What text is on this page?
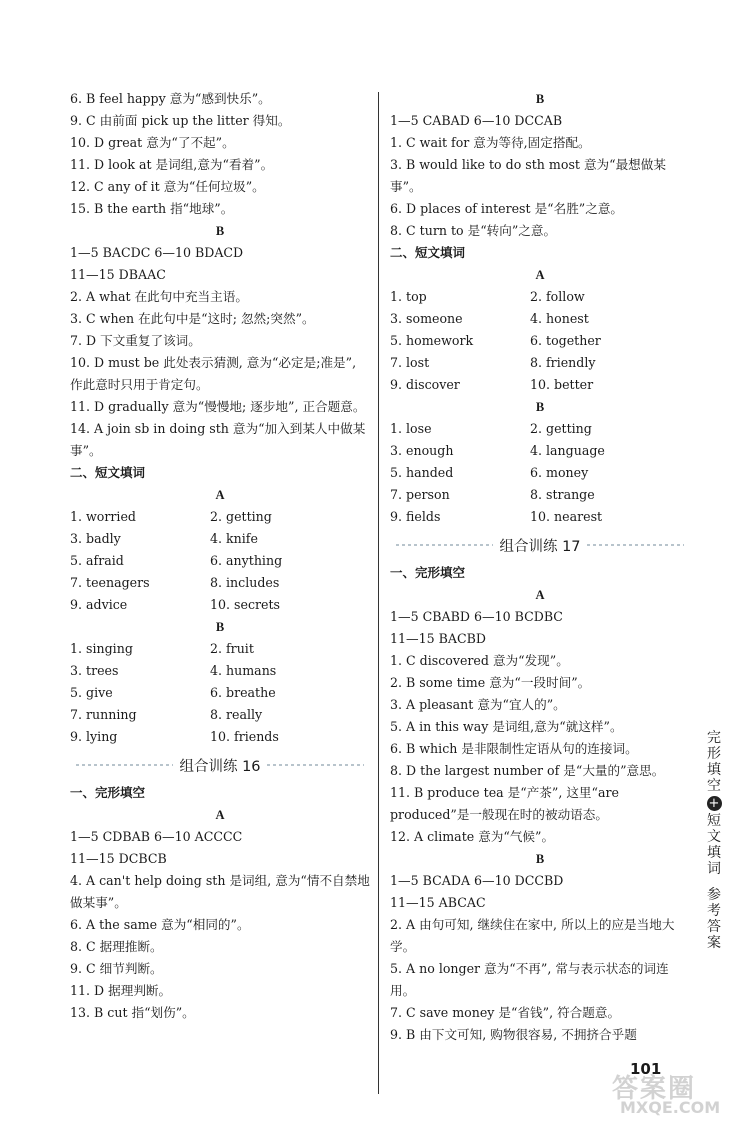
6. B feel happy 意为“感到快乐”。
9. C 由前面 pick up the litter 得知。
10. D great 意为“了不起”。
11. D look at 是词组,意为“看着”。
12. C any of it 意为“任何垃圾”。
15. B the earth 指“地球”。
B
1—5 BACDC 6—10 BDACD
11—15 DBAAC
2. A what 在此句中充当主语。
3. C when 在此句中是“这时; 忽然;突然”。
7. D 下文重复了该词。
10. D must be 此处表示猜测, 意为“必定是;准是”, 作此意时只用于肯定句。
11. D gradually 意为“慢慢地; 逐步地”, 正合题意。
14. A join sb in doing sth 意为“加入到某人中做某事”。
二、短文填词
A
1. worried	2. getting
3. badly	4. knife
5. afraid	6. anything
7. teenagers	8. includes
9. advice	10. secrets
B
1. singing	2. fruit
3. trees	4. humans
5. give	6. breathe
7. running	8. really
9. lying	10. friends
组合训练 16
一、完形填空
A
1—5 CDBAB 6—10 ACCCC
11—15 DCBCB
4. A can't help doing sth 是词组, 意为“情不自禁地做某事”。
6. A the same 意为“相同的”。
8. C 据理推断。
9. C 细节判断。
11. D 据理判断。
13. B cut 指“划伤”。
B
1—5 CABAD 6—10 DCCAB
1. C wait for 意为等待,固定搭配。
3. B would like to do sth most 意为“最想做某事”。
6. D places of interest 是“名胜”之意。
8. C turn to 是“转向”之意。
二、短文填词
A
1. top	2. follow
3. someone	4. honest
5. homework	6. together
7. lost	8. friendly
9. discover	10. better
B
1. lose	2. getting
3. enough	4. language
5. handed	6. money
7. person	8. strange
9. fields	10. nearest
组合训练 17
一、完形填空
A
1—5 CBABD 6—10 BCDBC
11—15 BACBD
1. C discovered 意为“发现”。
2. B some time 意为“一段时间”。
3. A pleasant 意为“宜人的”。
5. A in this way 是词组,意为“就这样”。
6. B which 是非限制性定语从句的连接词。
8. D the largest number of 是“大量的”意思。
11. B produce tea 是“产茶”, 这里“are produced”是一般现在时的被动语态。
12. A climate 意为“气候”。
B
1—5 BCADA 6—10 DCCBD
11—15 ABCAC
2. A 由句可知, 继续住在家中, 所以上的应是当地大学。
5. A no longer 意为“不再”, 常与表示状态的词连用。
7. C save money 是“省钱”, 符合题意。
9. B 由下文可知, 购物很容易, 不拥挤合乎题
完形填空
+
短文填词
参考答案
答案圈
MXQE.COM
101
